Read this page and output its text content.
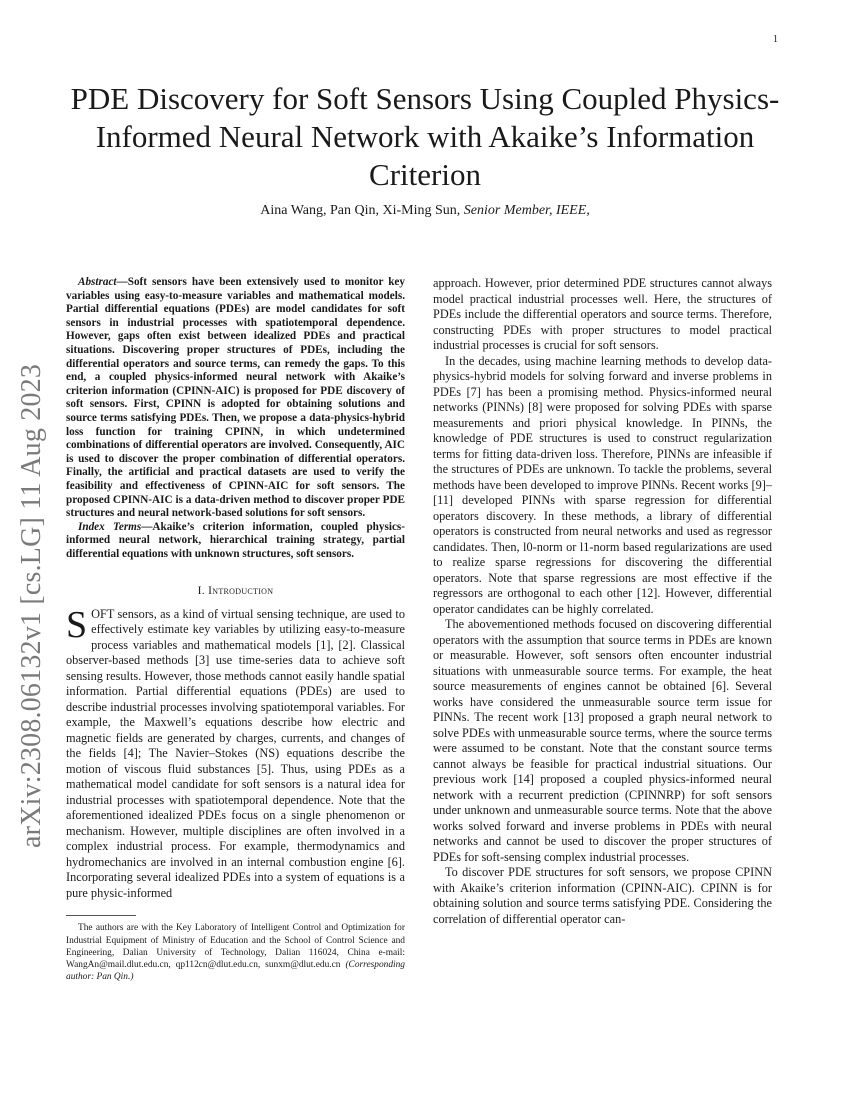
1
arXiv:2308.06132v1 [cs.LG] 11 Aug 2023
PDE Discovery for Soft Sensors Using Coupled Physics-Informed Neural Network with Akaike’s Information Criterion
Aina Wang, Pan Qin, Xi-Ming Sun, Senior Member, IEEE,

Abstract—Soft sensors have been extensively used to monitor key variables using easy-to-measure variables and mathematical models. Partial differential equations (PDEs) are model candidates for soft sensors in industrial processes with spatiotemporal dependence. However, gaps often exist between idealized PDEs and practical situations. Discovering proper structures of PDEs, including the differential operators and source terms, can remedy the gaps. To this end, a coupled physics-informed neural network with Akaike’s criterion information (CPINN-AIC) is proposed for PDE discovery of soft sensors. First, CPINN is adopted for obtaining solutions and source terms satisfying PDEs. Then, we propose a data-physics-hybrid loss function for training CPINN, in which undetermined combinations of differential operators are involved. Consequently, AIC is used to discover the proper combination of differential operators. Finally, the artificial and practical datasets are used to verify the feasibility and effectiveness of CPINN-AIC for soft sensors. The proposed CPINN-AIC is a data-driven method to discover proper PDE structures and neural network-based solutions for soft sensors.

Index Terms—Akaike’s criterion information, coupled physics-informed neural network, hierarchical training strategy, partial differential equations with unknown structures, soft sensors.

I. Introduction

SOFT sensors, as a kind of virtual sensing technique, are used to effectively estimate key variables by utilizing easy-to-measure process variables and mathematical models [1], [2]. Classical observer-based methods [3] use time-series data to achieve soft sensing results. However, those methods cannot easily handle spatial information. Partial differential equations (PDEs) are used to describe industrial processes involving spatiotemporal variables. For example, the Maxwell’s equations describe how electric and magnetic fields are generated by charges, currents, and changes of the fields [4]; The Navier–Stokes (NS) equations describe the motion of viscous fluid substances [5]. Thus, using PDEs as a mathematical model candidate for soft sensors is a natural idea for industrial processes with spatiotemporal dependence. Note that the aforementioned idealized PDEs focus on a single phenomenon or mechanism. However, multiple disciplines are often involved in a complex industrial process. For example, thermodynamics and hydromechanics are involved in an internal combustion engine [6]. Incorporating several idealized PDEs into a system of equations is a pure physic-informed

The authors are with the Key Laboratory of Intelligent Control and Optimization for Industrial Equipment of Ministry of Education and the School of Control Science and Engineering, Dalian University of Technology, Dalian 116024, China e-mail: WangAn@mail.dlut.edu.cn, qp112cn@dlut.edu.cn, sunxm@dlut.edu.cn (Corresponding author: Pan Qin.)

approach. However, prior determined PDE structures cannot always model practical industrial processes well. Here, the structures of PDEs include the differential operators and source terms. Therefore, constructing PDEs with proper structures to model practical industrial processes is crucial for soft sensors.

In the decades, using machine learning methods to develop data-physics-hybrid models for solving forward and inverse problems in PDEs [7] has been a promising method. Physics-informed neural networks (PINNs) [8] were proposed for solving PDEs with sparse measurements and priori physical knowledge. In PINNs, the knowledge of PDE structures is used to construct regularization terms for fitting data-driven loss. Therefore, PINNs are infeasible if the structures of PDEs are unknown. To tackle the problems, several methods have been developed to improve PINNs. Recent works [9]–[11] developed PINNs with sparse regression for differential operators discovery. In these methods, a library of differential operators is constructed from neural networks and used as regressor candidates. Then, l0-norm or l1-norm based regularizations are used to realize sparse regressions for discovering the differential operators. Note that sparse regressions are most effective if the regressors are orthogonal to each other [12]. However, differential operator candidates can be highly correlated.

The abovementioned methods focused on discovering differential operators with the assumption that source terms in PDEs are known or measurable. However, soft sensors often encounter industrial situations with unmeasurable source terms. For example, the heat source measurements of engines cannot be obtained [6]. Several works have considered the unmeasurable source term issue for PINNs. The recent work [13] proposed a graph neural network to solve PDEs with unmeasurable source terms, where the source terms were assumed to be constant. Note that the constant source terms cannot always be feasible for practical industrial situations. Our previous work [14] proposed a coupled physics-informed neural network with a recurrent prediction (CPINNRP) for soft sensors under unknown and unmeasurable source terms. Note that the above works solved forward and inverse problems in PDEs with neural networks and cannot be used to discover the proper structures of PDEs for soft-sensing complex industrial processes.

To discover PDE structures for soft sensors, we propose CPINN with Akaike’s criterion information (CPINN-AIC). CPINN is for obtaining solution and source terms satisfying PDE. Considering the correlation of differential operator can-
